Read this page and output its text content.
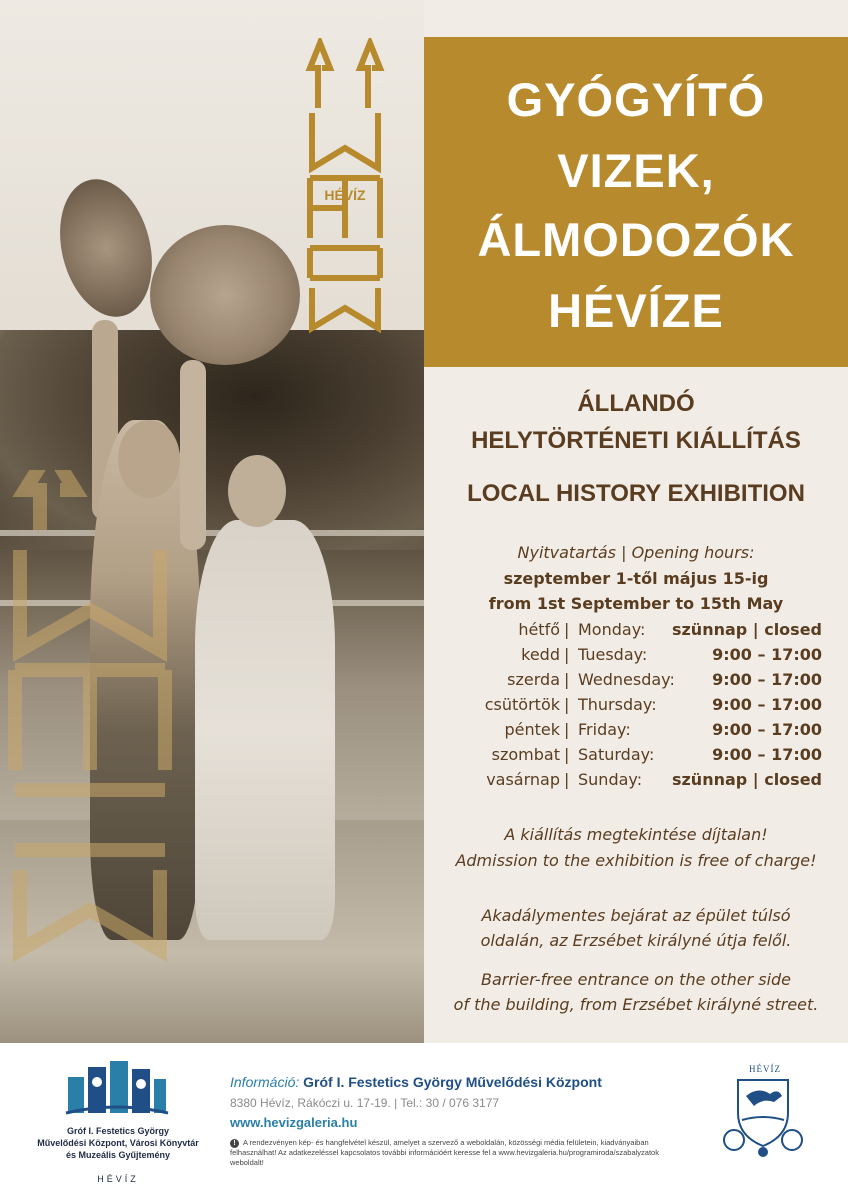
HÉVÍZ
GYÓGYÍTÓ
VIZEK,
ÁLMODOZÓK
HÉVÍZE
ÁLLANDÓ
HELYTÖRTÉNETI KIÁLLÍTÁS
LOCAL HISTORY EXHIBITION
Nyitvatartás | Opening hours:
szeptember 1-től május 15-ig
from 1st September to 15th May
hétfő | Monday: szünnap | closed
kedd | Tuesday:	9:00 – 17:00
szerda | Wednesday: 9:00 – 17:00
csütörtök | Thursday:	9:00 – 17:00
péntek | Friday:	9:00 – 17:00
szombat | Saturday:	9:00 – 17:00
vasárnap | Sunday: szünnap | closed
A kiállítás megtekintése díjtalan!
Admission to the exhibition is free of charge!
Akadálymentes bejárat az épület túlsó
oldalán, az Erzsébet királyné útja felől.
Barrier-free entrance on the other side
of the building, from Erzsébet királyné street.
Gróf I. Festetics György
Művelődési Központ, Városi Könyvtár
és Muzeális Gyűjtemény
HÉVÍZ
Információ: Gróf I. Festetics György Művelődési Központ
8380 Hévíz, Rákóczi u. 17-19. | Tel.: 30 / 076 3177
www.hevizgaleria.hu
! A rendezvényen kép- és hangfelvétel készül, amelyet a szervező a weboldalán, közösségi média felületein, kiadványaiban felhasználhat! Az adatkezeléssel kapcsolatos további információért keresse fel a www.hevizgaleria.hu/programiroda/szabalyzatok weboldalt!
HÉVÍZ
